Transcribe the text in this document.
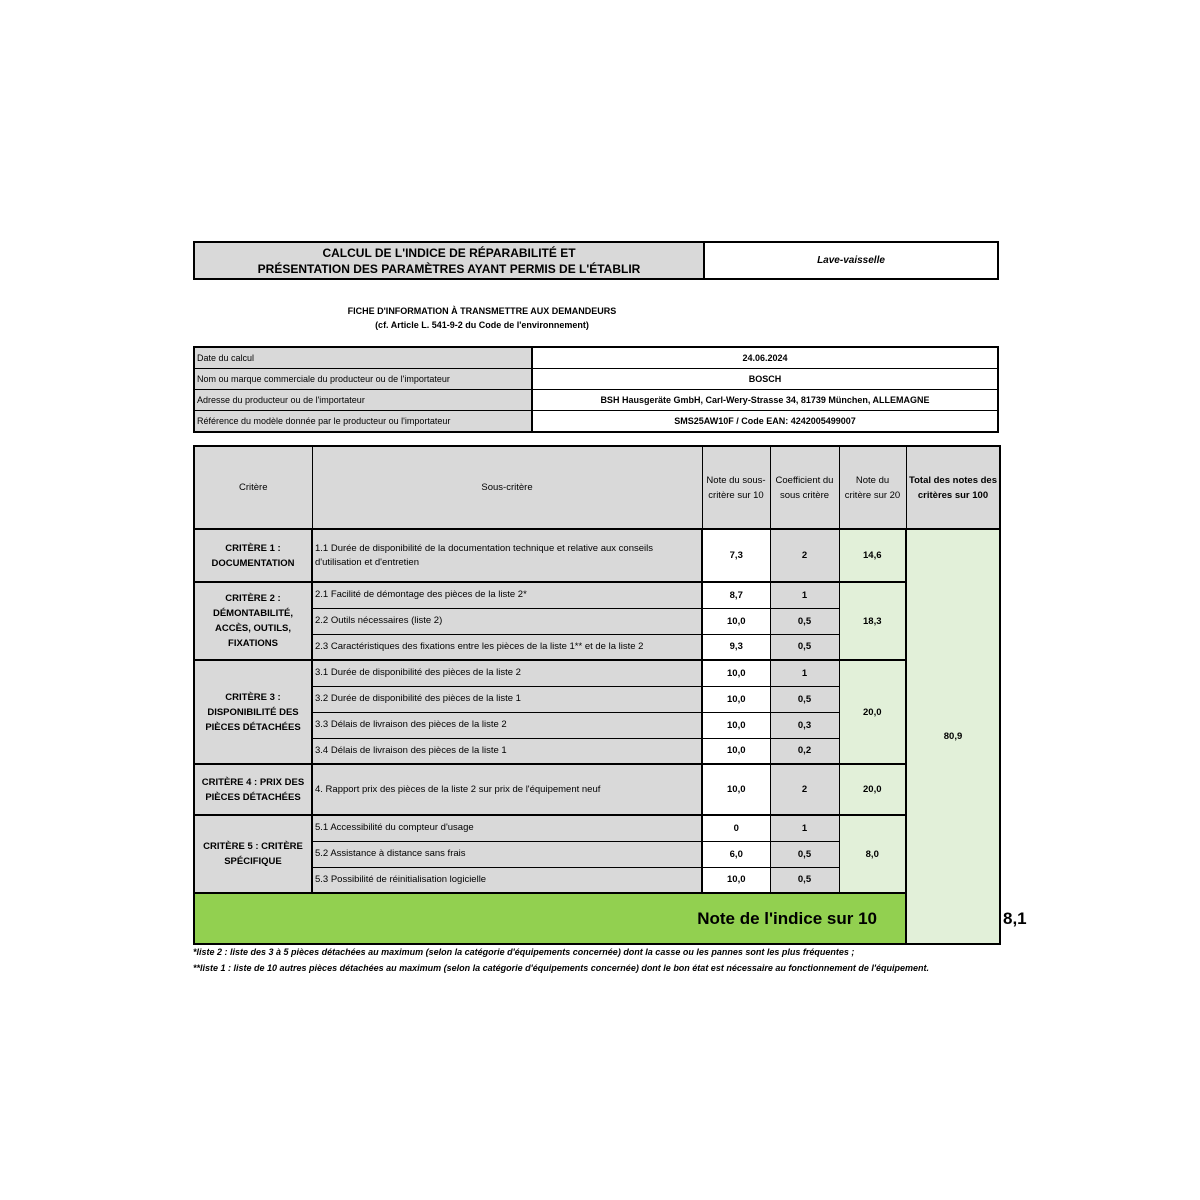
CALCUL DE L'INDICE DE RÉPARABILITÉ ET
PRÉSENTATION DES PARAMÈTRES AYANT PERMIS DE L'ÉTABLIR
Lave-vaisselle
FICHE D'INFORMATION À TRANSMETTRE AUX DEMANDEURS
(cf. Article L. 541-9-2 du Code de l'environnement)
Date du calcul	24.06.2024
Nom ou marque commerciale du producteur ou de l'importateur	BOSCH
Adresse du producteur ou de l'importateur	BSH Hausgeräte GmbH, Carl-Wery-Strasse 34, 81739 München, ALLEMAGNE
Référence du modèle donnée par le producteur ou l'importateur	SMS25AW10F / Code EAN: 4242005499007
Critère	Sous-critère	Note du sous-critère sur 10	Coefficient du sous critère	Note du critère sur 20	Total des notes des critères sur 100	
CRITÈRE 1 : DOCUMENTATION	1.1 Durée de disponibilité de la documentation technique et relative aux conseils d'utilisation et d'entretien	7,3	2	14,6	80,9	
CRITÈRE 2 : DÉMONTABILITÉ, ACCÈS, OUTILS, FIXATIONS	2.1 Facilité de démontage des pièces de la liste 2*	8,7	1	18,3		
	2.2 Outils nécessaires (liste 2)	10,0	0,5			
	2.3 Caractéristiques des fixations entre les pièces de la liste 1** et de la liste 2	9,3	0,5			
CRITÈRE 3 : DISPONIBILITÉ DES PIÈCES DÉTACHÉES	3.1 Durée de disponibilité des pièces de la liste 2	10,0	1	20,0		
	3.2 Durée de disponibilité des pièces de la liste 1	10,0	0,5			
	3.3 Délais de livraison des pièces de la liste 2	10,0	0,3			
	3.4 Délais de livraison des pièces de la liste 1	10,0	0,2			
CRITÈRE 4 : PRIX DES PIÈCES DÉTACHÉES	4. Rapport prix des pièces de la liste 2 sur prix de l'équipement neuf	10,0	2	20,0		
CRITÈRE 5 : CRITÈRE SPÉCIFIQUE	5.1 Accessibilité du compteur d'usage	0	1	8,0		
	5.2 Assistance à distance sans frais	6,0	0,5			
	5.3 Possibilité de réinitialisation logicielle	10,0	0,5			
Note de l'indice sur 10						8,1
*liste 2 : liste des 3 à 5 pièces détachées au maximum (selon la catégorie d'équipements concernée) dont la casse ou les pannes sont les plus fréquentes ;
**liste 1 : liste de 10 autres pièces détachées au maximum (selon la catégorie d'équipements concernée) dont le bon état est nécessaire au fonctionnement de l'équipement.
